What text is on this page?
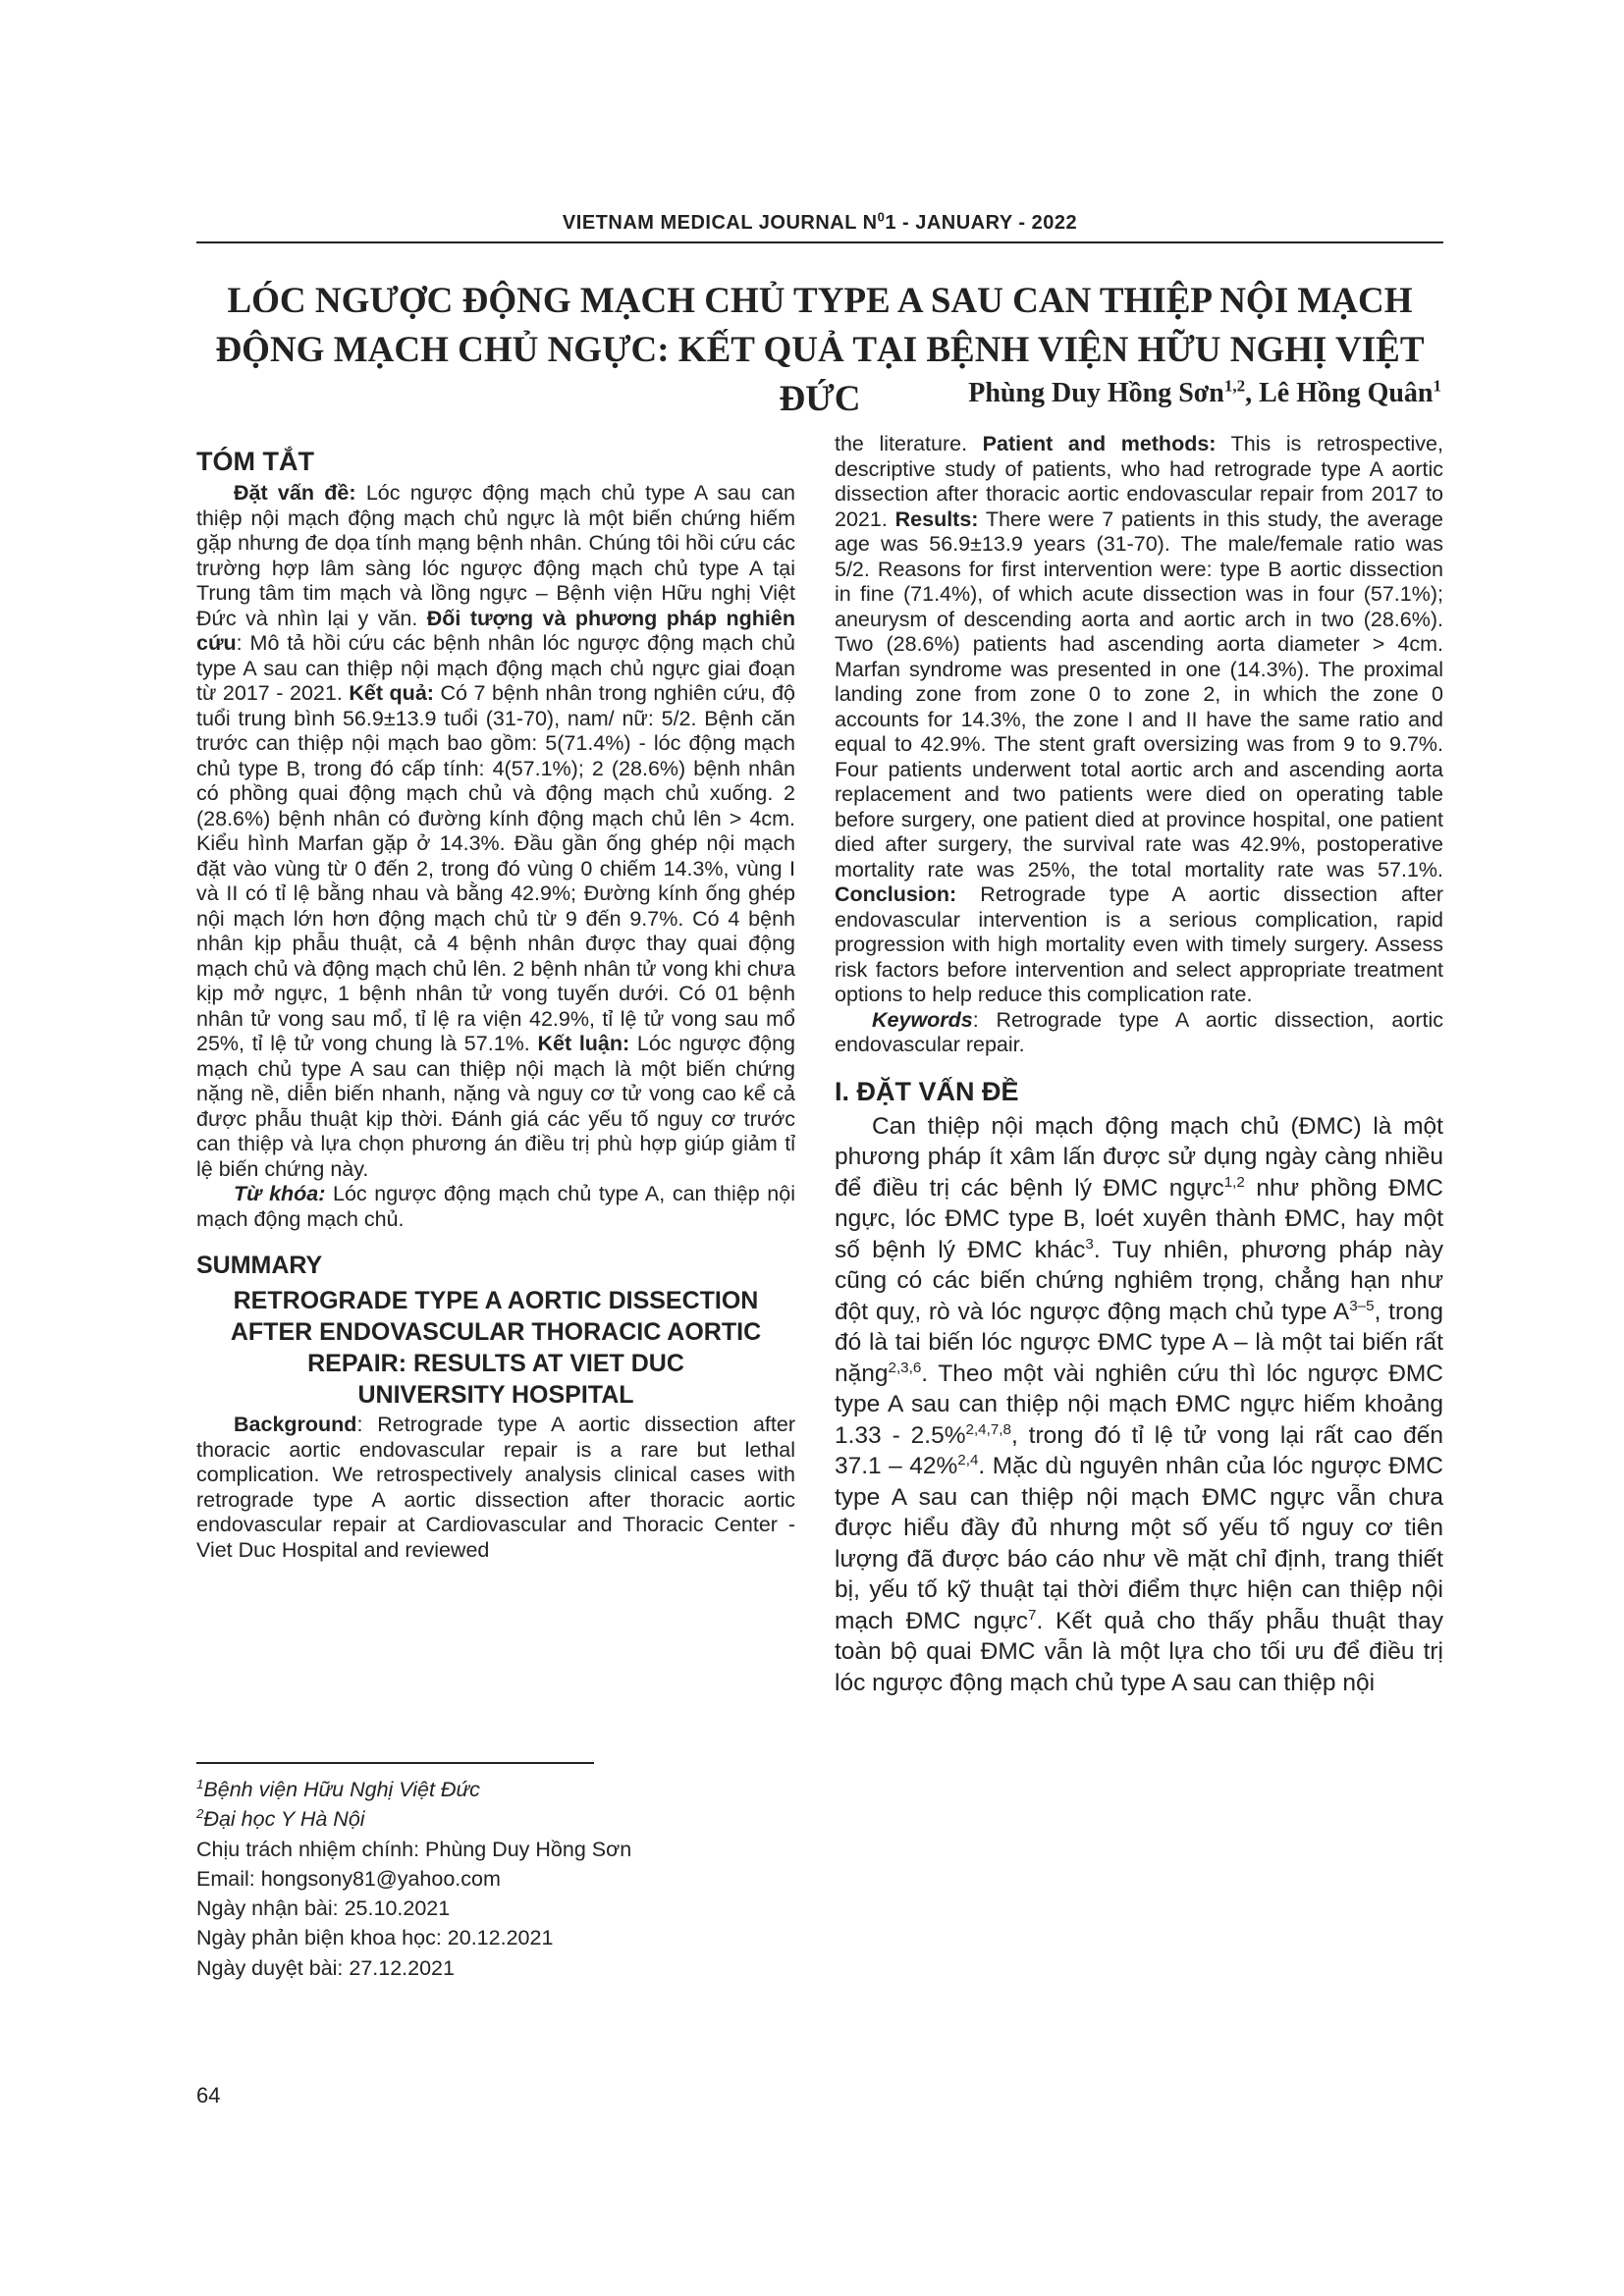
VIETNAM MEDICAL JOURNAL $N^01$ - JANUARY - 2022
LÓC NGƯỢC ĐỘNG MẠCH CHỦ TYPE A SAU CAN THIỆP NỘI MẠCH
ĐỘNG MẠCH CHỦ NGỰC: KẾT QUẢ TẠI BỆNH VIỆN HỮU NGHỊ VIỆT ĐỨC	Phùng Duy Hồng Sơn$^{1,2}$, Lê Hồng Quân$^1$
TÓM TẮT

Đặt vấn đề: Lóc ngược động mạch chủ type A sau can thiệp nội mạch động mạch chủ ngực là một biến chứng hiếm gặp nhưng đe dọa tính mạng bệnh nhân. Chúng tôi hồi cứu các trường hợp lâm sàng lóc ngược động mạch chủ type A tại Trung tâm tim mạch và lồng ngực – Bệnh viện Hữu nghị Việt Đức và nhìn lại y văn. Đối tượng và phương pháp nghiên cứu: Mô tả hồi cứu các bệnh nhân lóc ngược động mạch chủ type A sau can thiệp nội mạch động mạch chủ ngực giai đoạn từ 2017 - 2021. Kết quả: Có 7 bệnh nhân trong nghiên cứu, độ tuổi trung bình 56.9±13.9 tuổi (31-70), nam/ nữ: 5/2. Bệnh căn trước can thiệp nội mạch bao gồm: 5(71.4%) - lóc động mạch chủ type B, trong đó cấp tính: 4(57.1%); 2 (28.6%) bệnh nhân có phồng quai động mạch chủ và động mạch chủ xuống. 2 (28.6%) bệnh nhân có đường kính động mạch chủ lên > 4cm. Kiểu hình Marfan gặp ở 14.3%. Đầu gần ống ghép nội mạch đặt vào vùng từ 0 đến 2, trong đó vùng 0 chiếm 14.3%, vùng I và II có tỉ lệ bằng nhau và bằng 42.9%; Đường kính ống ghép nội mạch lớn hơn động mạch chủ từ 9 đến 9.7%. Có 4 bệnh nhân kịp phẫu thuật, cả 4 bệnh nhân được thay quai động mạch chủ và động mạch chủ lên. 2 bệnh nhân tử vong khi chưa kịp mở ngực, 1 bệnh nhân tử vong tuyến dưới. Có 01 bệnh nhân tử vong sau mổ, tỉ lệ ra viện 42.9%, tỉ lệ tử vong sau mổ 25%, tỉ lệ tử vong chung là 57.1%. Kết luận: Lóc ngược động mạch chủ type A sau can thiệp nội mạch là một biến chứng nặng nề, diễn biến nhanh, nặng và nguy cơ tử vong cao kể cả được phẫu thuật kịp thời. Đánh giá các yếu tố nguy cơ trước can thiệp và lựa chọn phương án điều trị phù hợp giúp giảm tỉ lệ biến chứng này.

Từ khóa: Lóc ngược động mạch chủ type A, can thiệp nội mạch động mạch chủ.

SUMMARY
RETROGRADE TYPE A AORTIC DISSECTION
AFTER ENDOVASCULAR THORACIC AORTIC
REPAIR: RESULTS AT VIET DUC
UNIVERSITY HOSPITAL

Background: Retrograde type A aortic dissection after thoracic aortic endovascular repair is a rare but lethal complication. We retrospectively analysis clinical cases with retrograde type A aortic dissection after thoracic aortic endovascular repair at Cardiovascular and Thoracic Center - Viet Duc Hospital and reviewed

the literature. Patient and methods: This is retrospective, descriptive study of patients, who had retrograde type A aortic dissection after thoracic aortic endovascular repair from 2017 to 2021. Results: There were 7 patients in this study, the average age was 56.9±13.9 years (31-70). The male/female ratio was 5/2. Reasons for first intervention were: type B aortic dissection in fine (71.4%), of which acute dissection was in four (57.1%); aneurysm of descending aorta and aortic arch in two (28.6%). Two (28.6%) patients had ascending aorta diameter > 4cm. Marfan syndrome was presented in one (14.3%). The proximal landing zone from zone 0 to zone 2, in which the zone 0 accounts for 14.3%, the zone I and II have the same ratio and equal to 42.9%. The stent graft oversizing was from 9 to 9.7%. Four patients underwent total aortic arch and ascending aorta replacement and two patients were died on operating table before surgery, one patient died at province hospital, one patient died after surgery, the survival rate was 42.9%, postoperative mortality rate was 25%, the total mortality rate was 57.1%. Conclusion: Retrograde type A aortic dissection after endovascular intervention is a serious complication, rapid progression with high mortality even with timely surgery. Assess risk factors before intervention and select appropriate treatment options to help reduce this complication rate.

Keywords: Retrograde type A aortic dissection, aortic endovascular repair.

I. ĐẶT VẤN ĐỀ

Can thiệp nội mạch động mạch chủ (ĐMC) là một phương pháp ít xâm lấn được sử dụng ngày càng nhiều để điều trị các bệnh lý ĐMC ngực$^{1,2}$ như phồng ĐMC ngực, lóc ĐMC type B, loét xuyên thành ĐMC, hay một số bệnh lý ĐMC khác$^3$. Tuy nhiên, phương pháp này cũng có các biến chứng nghiêm trọng, chẳng hạn như đột quỵ, rò và lóc ngược động mạch chủ type $A^{3-5}$, trong đó là tai biến lóc ngược ĐMC type A – là một tai biến rất nặng$^{2,3,6}$. Theo một vài nghiên cứu thì lóc ngược ĐMC type A sau can thiệp nội mạch ĐMC ngực hiếm khoảng 1.33 - 2.5%$^{2,4,7,8}$, trong đó tỉ lệ tử vong lại rất cao đến 37.1 – 42%$^{2,4}$. Mặc dù nguyên nhân của lóc ngược ĐMC type A sau can thiệp nội mạch ĐMC ngực vẫn chưa được hiểu đầy đủ nhưng một số yếu tố nguy cơ tiên lượng đã được báo cáo như về mặt chỉ định, trang thiết bị, yếu tố kỹ thuật tại thời điểm thực hiện can thiệp nội mạch ĐMC ngực$^7$. Kết quả cho thấy phẫu thuật thay toàn bộ quai ĐMC vẫn là một lựa cho tối ưu để điều trị lóc ngược động mạch chủ type A sau can thiệp nội

$^1$Bệnh viện Hữu Nghị Việt Đức
$^2$Đại học Y Hà Nội
Chịu trách nhiệm chính: Phùng Duy Hồng Sơn
Email: hongsony81@yahoo.com
Ngày nhận bài: 25.10.2021
Ngày phản biện khoa học: 20.12.2021
Ngày duyệt bài: 27.12.2021
64
